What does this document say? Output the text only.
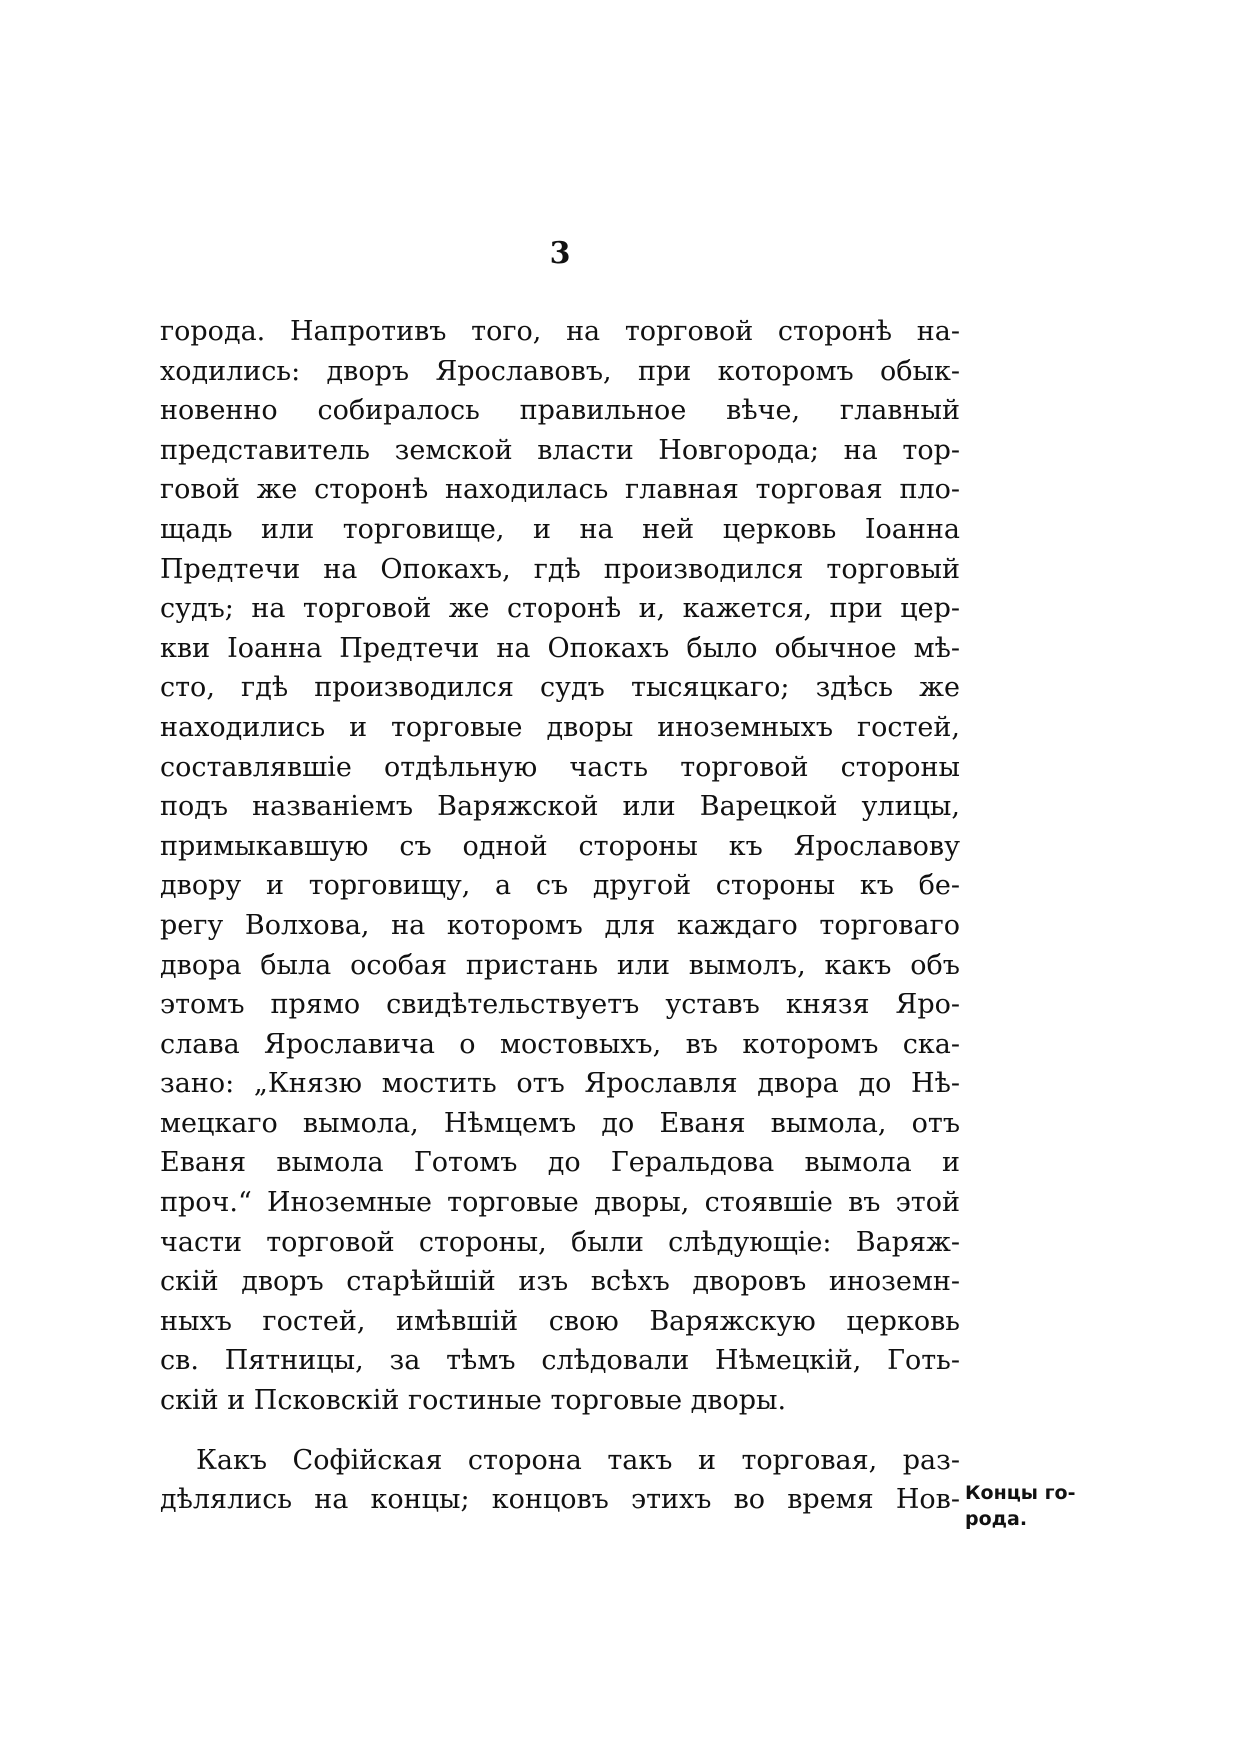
3
города. Напротивъ того, на торговой сторонѣ на-
ходились: дворъ Ярославовъ, при которомъ обык-
новенно собиралось правильное вѣче, главный
представитель земской власти Новгорода; на тор-
говой же сторонѣ находилась главная торговая пло-
щадь или торговище, и на ней церковь Іоанна
Предтечи на Опокахъ, гдѣ производился торговый
судъ; на торговой же сторонѣ и, кажется, при цер-
кви Іоанна Предтечи на Опокахъ было обычное мѣ-
сто, гдѣ производился судъ тысяцкаго; здѣсь же
находились и торговые дворы иноземныхъ гостей,
составлявшіе отдѣльную часть торговой стороны
подъ названіемъ Варяжской или Варецкой улицы,
примыкавшую съ одной стороны къ Ярославову
двору и торговищу, а съ другой стороны къ бе-
регу Волхова, на которомъ для каждаго торговаго
двора была особая пристань или вымолъ, какъ объ
этомъ прямо свидѣтельствуетъ уставъ князя Яро-
слава Ярославича о мостовыхъ, въ которомъ ска-
зано: „Князю мостить отъ Ярославля двора до Нѣ-
мецкаго вымола, Нѣмцемъ до Еваня вымола, отъ
Еваня вымола Готомъ до Геральдова вымола и
проч.“ Иноземные торговые дворы, стоявшіе въ этой
части торговой стороны, были слѣдующіе: Варяж-
скій дворъ старѣйшій изъ всѣхъ дворовъ иноземн-
ныхъ гостей, имѣвшій свою Варяжскую церковь
св. Пятницы, за тѣмъ слѣдовали Нѣмецкій, Готь-
скій и Псковскій гостиные торговые дворы.
Какъ Софійская сторона такъ и торговая, раз-
дѣлялись на концы; концовъ этихъ во время Нов- Концы го-
рода.
